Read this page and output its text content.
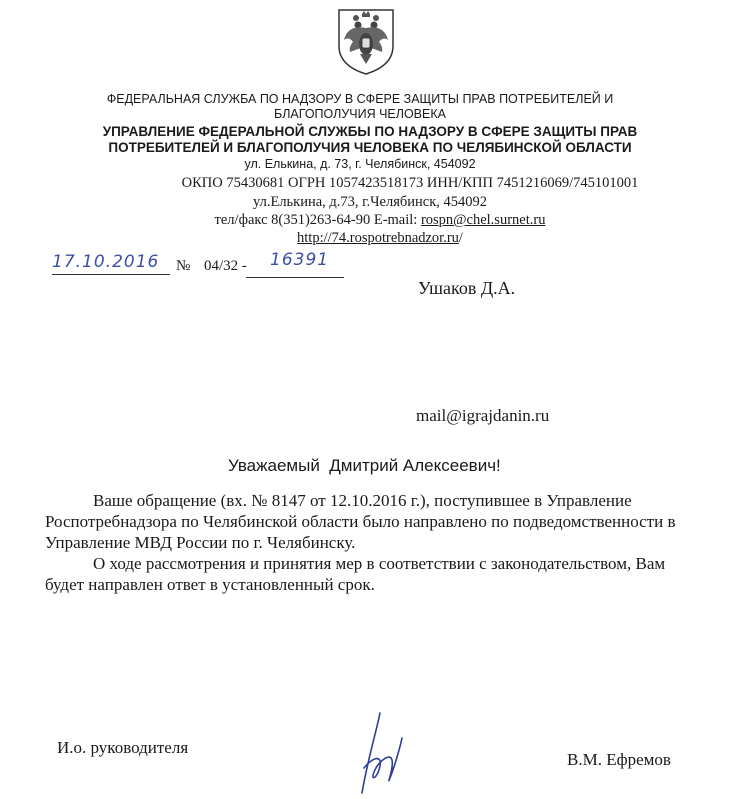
ФЕДЕРАЛЬНАЯ СЛУЖБА ПО НАДЗОРУ В СФЕРЕ ЗАЩИТЫ ПРАВ ПОТРЕБИТЕЛЕЙ И
БЛАГОПОЛУЧИЯ ЧЕЛОВЕКА
УПРАВЛЕНИЕ ФЕДЕРАЛЬНОЙ СЛУЖБЫ ПО НАДЗОРУ В СФЕРЕ ЗАЩИТЫ ПРАВ
ПОТРЕБИТЕЛЕЙ И БЛАГОПОЛУЧИЯ ЧЕЛОВЕКА ПО ЧЕЛЯБИНСКОЙ ОБЛАСТИ
ул. Елькина, д. 73, г. Челябинск, 454092
ОКПО 75430681 ОГРН 1057423518173 ИНН/КПП 7451216069/745101001
ул.Елькина, д.73, г.Челябинск, 454092
тел/факс 8(351)263-64-90 E-mail: rospn@chel.surnet.ru
http://74.rospotrebnadzor.ru/
17.10.2016 № 04/32 - 16391
Ушаков Д.А.
mail@igrajdanin.ru
Уважаемый  Дмитрий Алексеевич!

Ваше обращение (вх. № 8147 от 12.10.2016 г.), поступившее в Управление Роспотребнадзора по Челябинской области было направлено по подведомственности в Управление МВД России по г. Челябинску.

О ходе рассмотрения и принятия мер в соответствии с законодательством, Вам будет направлен ответ в установленный срок.

И.о. руководителя
В.М. Ефремов
